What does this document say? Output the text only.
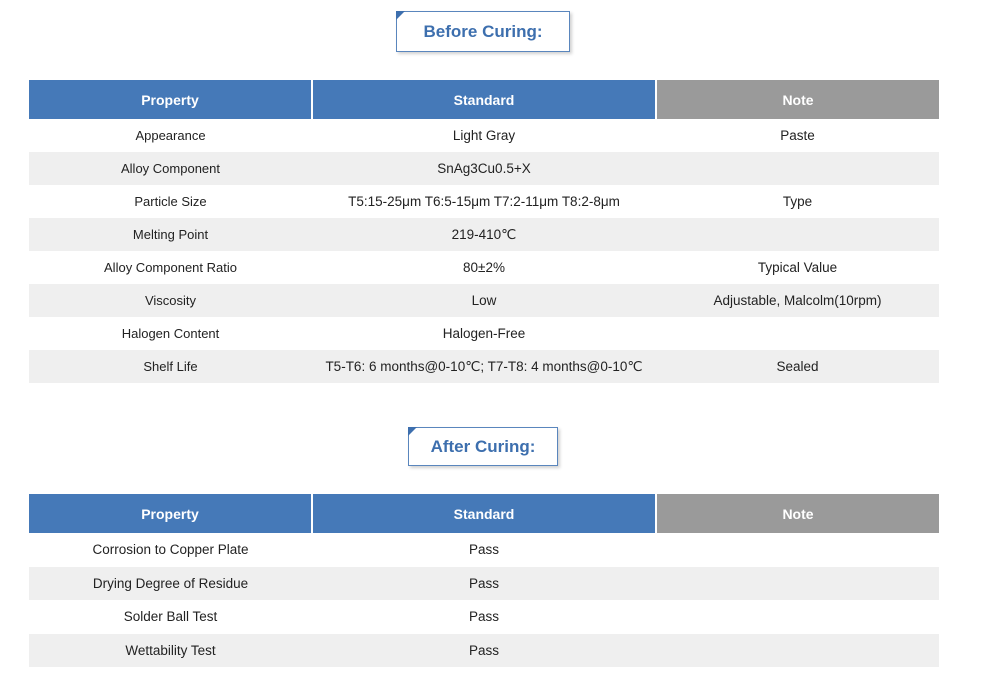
Before Curing:
Property	Standard	Note
Appearance	Light Gray	Paste
Alloy Component	SnAg3Cu0.5+X	
Particle Size	T5:15-25μm T6:5-15μm T7:2-11μm T8:2-8μm	Type
Melting Point	219-410℃	
Alloy Component Ratio	80±2%	Typical Value
Viscosity	Low	Adjustable, Malcolm(10rpm)
Halogen Content	Halogen-Free	
Shelf Life	T5-T6: 6 months@0-10℃; T7-T8: 4 months@0-10℃	Sealed
After Curing:
Property	Standard	Note
Corrosion to Copper Plate	Pass	
Drying Degree of Residue	Pass	
Solder Ball Test	Pass	
Wettability Test	Pass	
